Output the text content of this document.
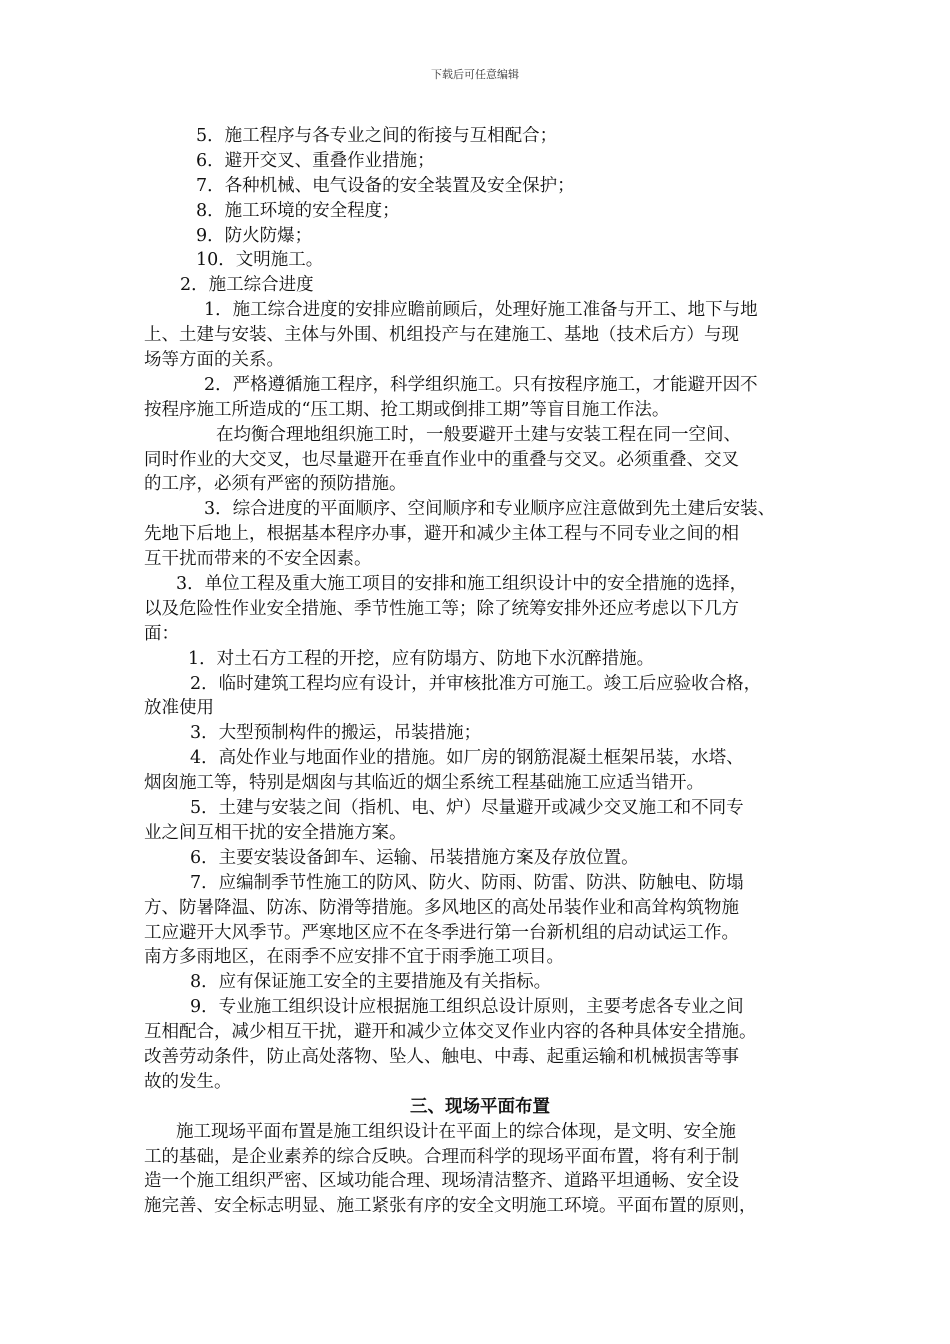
下载后可任意编辑
5．施工程序与各专业之间的衔接与互相配合；
6．避开交叉、重叠作业措施；
7．各种机械、电气设备的安全装置及安全保护；
8．施工环境的安全程度；
9．防火防爆；
10．文明施工。
2．施工综合进度
1．施工综合进度的安排应瞻前顾后，处理好施工准备与开工、地下与地
上、土建与安装、主体与外围、机组投产与在建施工、基地（技术后方）与现
场等方面的关系。
2．严格遵循施工程序，科学组织施工。只有按程序施工，才能避开因不
按程序施工所造成的“压工期、抢工期或倒排工期”等盲目施工作法。
在均衡合理地组织施工时，一般要避开土建与安装工程在同一空间、
同时作业的大交叉，也尽量避开在垂直作业中的重叠与交叉。必须重叠、交叉
的工序，必须有严密的预防措施。
3．综合进度的平面顺序、空间顺序和专业顺序应注意做到先土建后安装、
先地下后地上，根据基本程序办事，避开和减少主体工程与不同专业之间的相
互干扰而带来的不安全因素。
3．单位工程及重大施工项目的安排和施工组织设计中的安全措施的选择，
以及危险性作业安全措施、季节性施工等；除了统筹安排外还应考虑以下几方
面：
1．对土石方工程的开挖，应有防塌方、防地下水沉醉措施。
2．临时建筑工程均应有设计，并审核批准方可施工。竣工后应验收合格，
放准使用
3．大型预制构件的搬运，吊装措施；
4．高处作业与地面作业的措施。如厂房的钢筋混凝土框架吊装，水塔、
烟囱施工等，特别是烟囱与其临近的烟尘系统工程基础施工应适当错开。
5．土建与安装之间（指机、电、炉）尽量避开或减少交叉施工和不同专
业之间互相干扰的安全措施方案。
6．主要安装设备卸车、运输、吊装措施方案及存放位置。
7．应编制季节性施工的防风、防火、防雨、防雷、防洪、防触电、防塌
方、防暑降温、防冻、防滑等措施。多风地区的高处吊装作业和高耸构筑物施
工应避开大风季节。严寒地区应不在冬季进行第一台新机组的启动试运工作。
南方多雨地区，在雨季不应安排不宜于雨季施工项目。
8．应有保证施工安全的主要措施及有关指标。
9．专业施工组织设计应根据施工组织总设计原则，主要考虑各专业之间
互相配合，减少相互干扰，避开和减少立体交叉作业内容的各种具体安全措施。
改善劳动条件，防止高处落物、坠人、触电、中毒、起重运输和机械损害等事
故的发生。
三、现场平面布置
施工现场平面布置是施工组织设计在平面上的综合体现，是文明、安全施
工的基础，是企业素养的综合反映。合理而科学的现场平面布置，将有利于制
造一个施工组织严密、区域功能合理、现场清洁整齐、道路平坦通畅、安全设
施完善、安全标志明显、施工紧张有序的安全文明施工环境。平面布置的原则，
